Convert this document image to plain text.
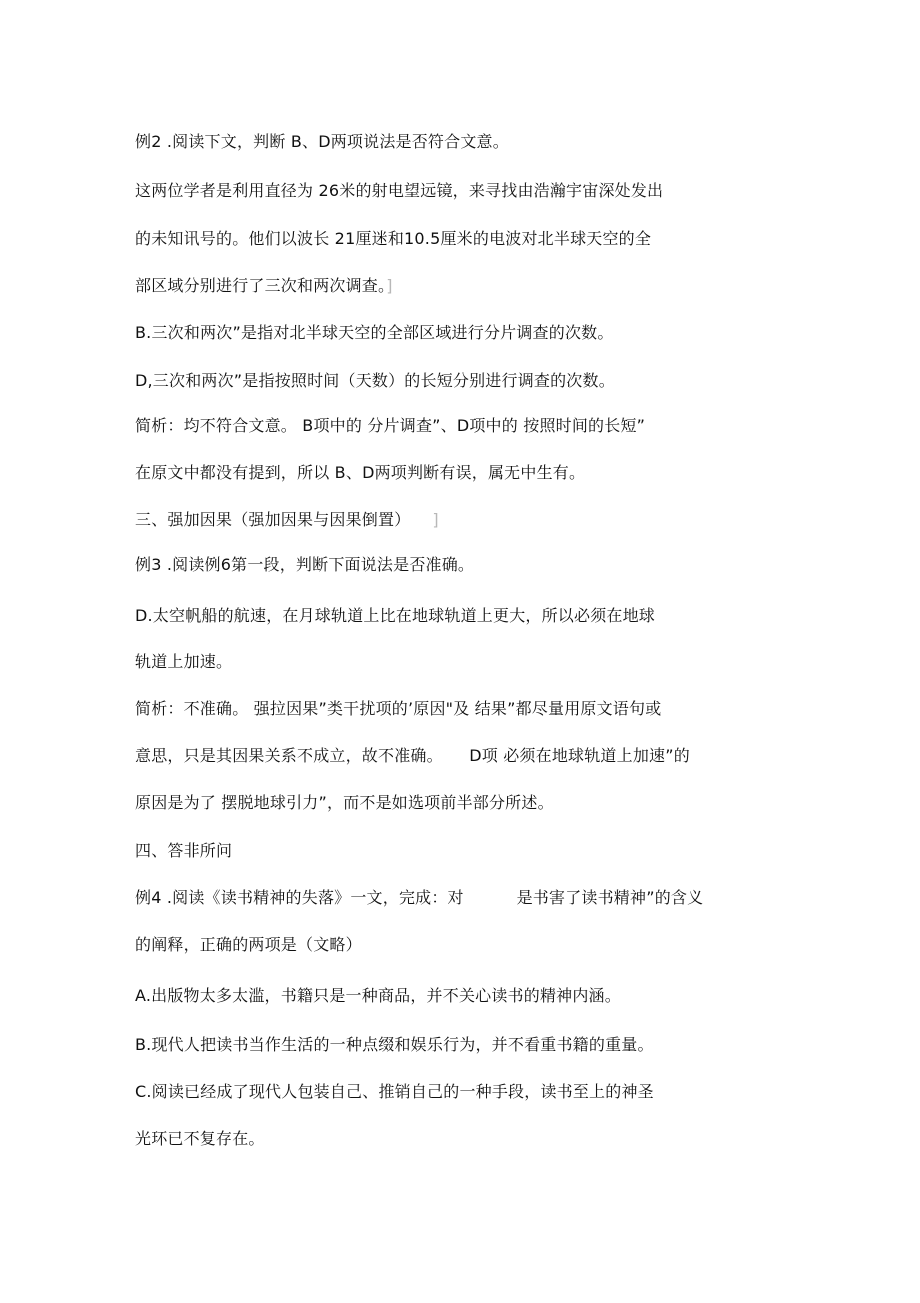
例2 .阅读下文，判断 B、D两项说法是否符合文意。
这两位学者是利用直径为 26米的射电望远镜，来寻找由浩瀚宇宙深处发出
的未知讯号的。他们以波长 21厘迷和10.5厘米的电波对北半球天空的全
部区域分别进行了三次和两次调查。]
B.三次和两次”是指对北半球天空的全部区域进行分片调查的次数。
D,三次和两次”是指按照时间（天数）的长短分别进行调查的次数。
简析：均不符合文意。 B项中的 分片调查”、D项中的 按照时间的长短”
在原文中都没有提到，所以 B、D两项判断有误，属无中生有。
三、强加因果（强加因果与因果倒置） ]
例3 .阅读例6第一段，判断下面说法是否准确。
D.太空帆船的航速，在月球轨道上比在地球轨道上更大，所以必须在地球
轨道上加速。
简析：不准确。 强拉因果”类干扰项的’原因"及 结果”都尽量用原文语句或
意思，只是其因果关系不成立，故不准确。     D项 必须在地球轨道上加速”的
原因是为了 摆脱地球引力”，而不是如选项前半部分所述。
四、答非所问
例4 .阅读《读书精神的失落》一文，完成：对          是书害了读书精神”的含义
的阐释，正确的两项是（文略）
A.出版物太多太滥，书籍只是一种商品，并不关心读书的精神内涵。
B.现代人把读书当作生活的一种点缀和娱乐行为，并不看重书籍的重量。
C.阅读已经成了现代人包装自己、推销自己的一种手段，读书至上的神圣
光环已不复存在。
